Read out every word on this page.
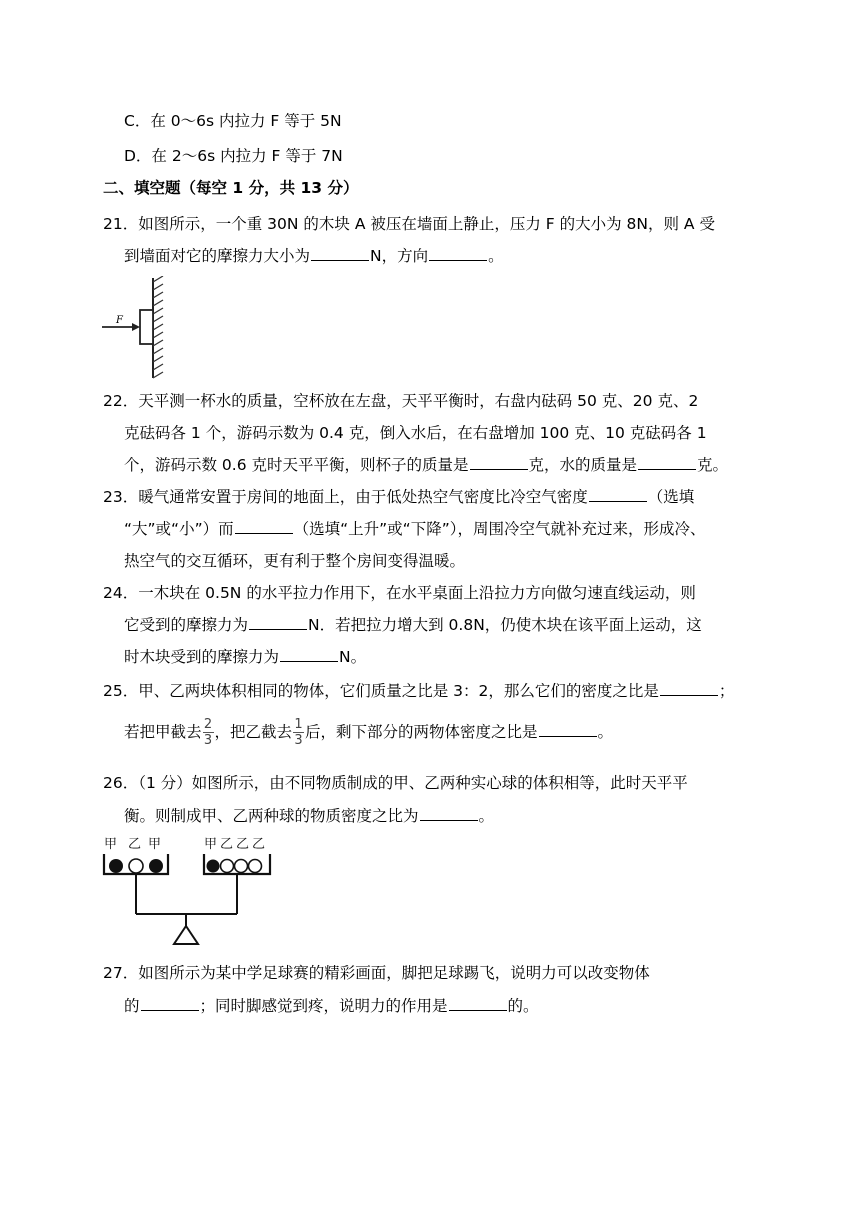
C．在 0～6s 内拉力 F 等于 5N
D．在 2～6s 内拉力 F 等于 7N
二、填空题（每空 1 分，共 13 分）
21．如图所示，一个重 30N 的木块 A 被压在墙面上静止，压力 F 的大小为 8N，则 A 受
到墙面对它的摩擦力大小为	N，方向	。
F
22．天平测一杯水的质量，空杯放在左盘，天平平衡时，右盘内砝码 50 克、20 克、2
克砝码各 1 个，游码示数为 0.4 克，倒入水后，在右盘增加 100 克、10 克砝码各 1
个，游码示数 0.6 克时天平平衡，则杯子的质量是	克，水的质量是	克。
23．暖气通常安置于房间的地面上，由于低处热空气密度比冷空气密度	（选填
“大”或“小”）而	（选填“上升”或“下降”），周围冷空气就补充过来，形成冷、
热空气的交互循环，更有利于整个房间变得温暖。
24．一木块在 0.5N 的水平拉力作用下，在水平桌面上沿拉力方向做匀速直线运动，则
它受到的摩擦力为	N．若把拉力增大到 0.8N，仍使木块在该平面上运动，这
时木块受到的摩擦力为	N。
25．甲、乙两块体积相同的物体，它们质量之比是 3：2，那么它们的密度之比是	；
若把甲截去 $\frac{2}{3}$ ，把乙截去 $\frac{1}{3}$ 后，剩下部分的两物体密度之比是	。
26．（1 分）如图所示，由不同物质制成的甲、乙两种实心球的体积相等，此时天平平
衡。则制成甲、乙两种球的物质密度之比为	。
甲 乙 甲	甲 乙 乙 乙
27．如图所示为某中学足球赛的精彩画面，脚把足球踢飞，说明力可以改变物体
的	；同时脚感觉到疼，说明力的作用是	的。
